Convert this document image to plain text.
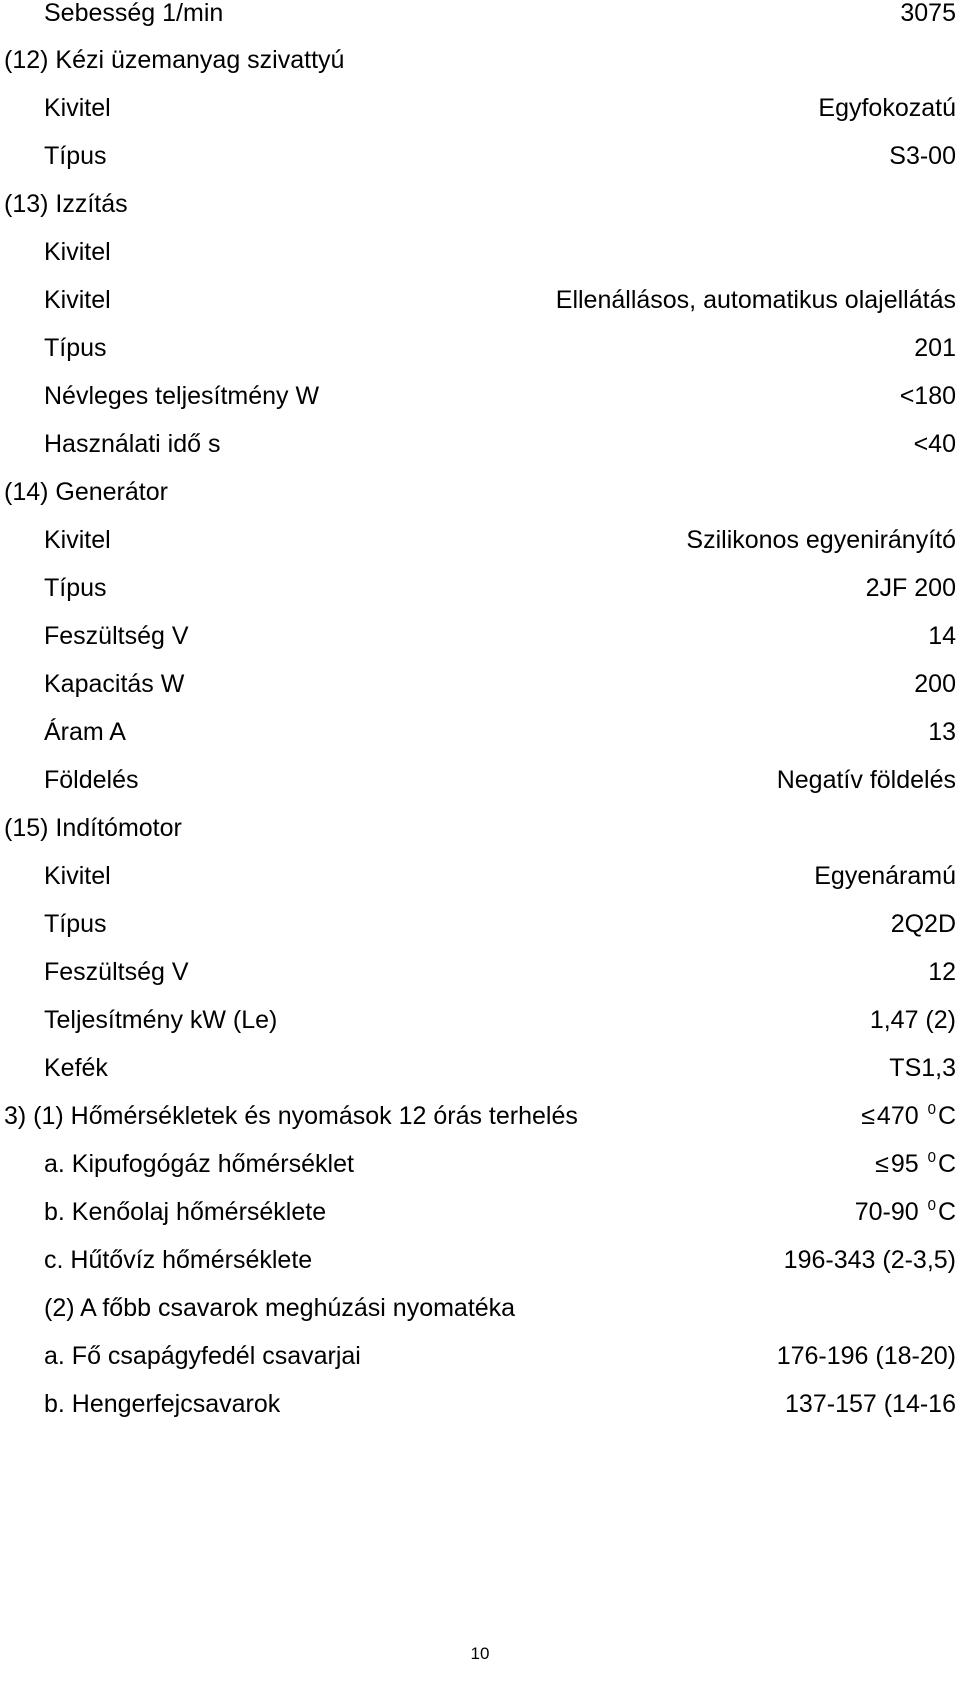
Sebesség 1/min	3075
(12) Kézi üzemanyag szivattyú
Kivitel	Egyfokozatú
Típus	S3-00
(13) Izzítás
Kivitel
Kivitel	Ellenállásos, automatikus olajellátás
Típus	201
Névleges teljesítmény W	<180
Használati idő s	<40
(14) Generátor
Kivitel	Szilikonos egyenirányító
Típus	2JF 200
Feszültség V	14
Kapacitás W	200
Áram A	13
Földelés	Negatív földelés
(15) Indítómotor
Kivitel	Egyenáramú
Típus	2Q2D
Feszültség V	12
Teljesítmény kW (Le)	1,47 (2)
Kefék	TS1,3
3) (1) Hőmérsékletek és nyomások 12 órás terhelés	≤470 $^0$C
a. Kipufogógáz hőmérséklet	≤95 $^0$C
b. Kenőolaj hőmérséklete	70-90 $^0$C
c. Hűtővíz hőmérséklete	196-343 (2-3,5)
(2) A főbb csavarok meghúzási nyomatéka
a. Fő csapágyfedél csavarjai	176-196 (18-20)
b. Hengerfejcsavarok	137-157 (14-16
10
